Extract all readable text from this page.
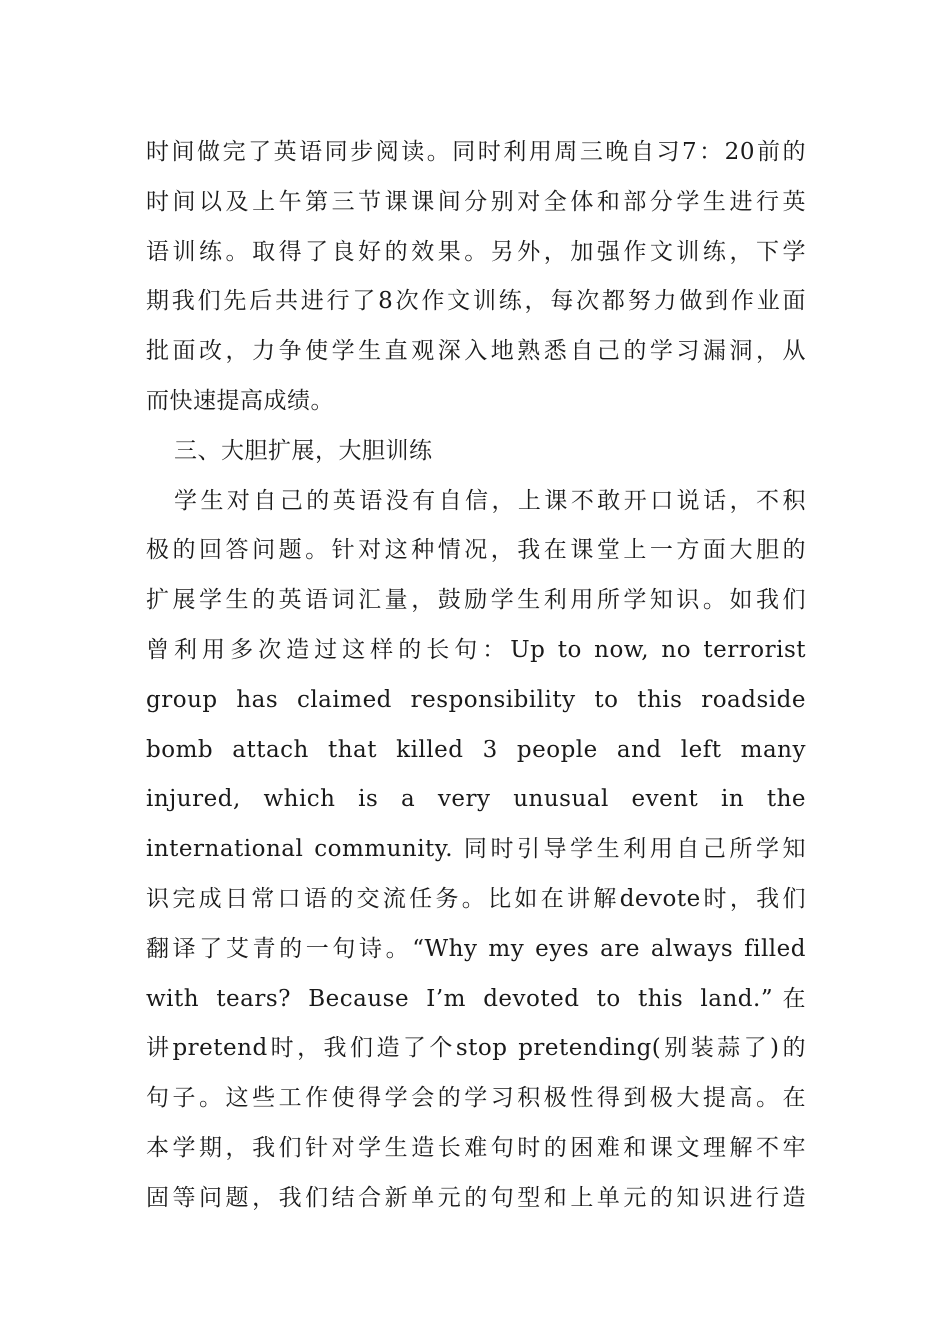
时间做完了英语同步阅读。同时利用周三晚自习7：20前的
时间以及上午第三节课课间分别对全体和部分学生进行英
语训练。取得了良好的效果。另外，加强作文训练，下学
期我们先后共进行了8次作文训练，每次都努力做到作业面
批面改，力争使学生直观深入地熟悉自己的学习漏洞，从
而快速提高成绩。
三、大胆扩展，大胆训练
学生对自己的英语没有自信，上课不敢开口说话，不积
极的回答问题。针对这种情况，我在课堂上一方面大胆的
扩展学生的英语词汇量，鼓励学生利用所学知识。如我们
曾利用多次造过这样的长句：Up to now, no terrorist
group has claimed responsibility to this roadside
bomb attach that killed 3 people and left many
injured, which is a very unusual event in the
international community. 同时引导学生利用自己所学知
识完成日常口语的交流任务。比如在讲解devote时，我们
翻译了艾青的一句诗。“Why my eyes are always filled
with tears? Because I’m devoted to this land.”在
讲pretend时，我们造了个stop pretending(别装蒜了)的
句子。这些工作使得学会的学习积极性得到极大提高。在
本学期，我们针对学生造长难句时的困难和课文理解不牢
固等问题，我们结合新单元的句型和上单元的知识进行造
